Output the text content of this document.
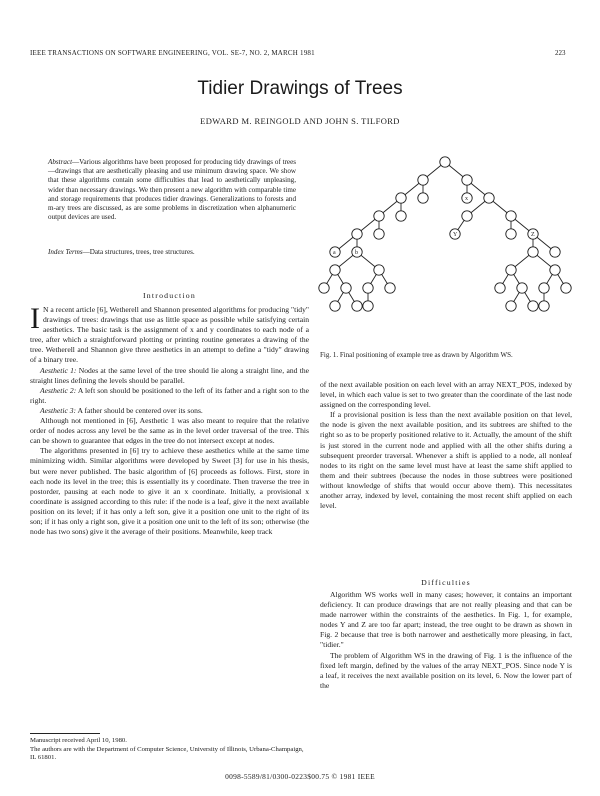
IEEE TRANSACTIONS ON SOFTWARE ENGINEERING, VOL. SE-7, NO. 2, MARCH 1981	223
Tidier Drawings of Trees
EDWARD M. REINGOLD AND JOHN S. TILFORD
Abstract—Various algorithms have been proposed for producing tidy drawings of trees—drawings that are aesthetically pleasing and use minimum drawing space. We show that these algorithms contain some difficulties that lead to aesthetically unpleasing, wider than necessary drawings. We then present a new algorithm with comparable time and storage requirements that produces tidier drawings. Generalizations to forests and m-ary trees are discussed, as are some problems in discretization when alphanumeric output devices are used.
Index Terms—Data structures, trees, tree structures.
Introduction

I N a recent article [6], Wetherell and Shannon presented algorithms for producing "tidy" drawings of trees: drawings that use as little space as possible while satisfying certain aesthetics. The basic task is the assignment of x and y coordinates to each node of a tree, after which a straightforward plotting or printing routine generates a drawing of the tree. Wetherell and Shannon give three aesthetics in an attempt to define a "tidy" drawing of a binary tree.

Aesthetic 1: Nodes at the same level of the tree should lie along a straight line, and the straight lines defining the levels should be parallel.

Aesthetic 2: A left son should be positioned to the left of its father and a right son to the right.

Aesthetic 3: A father should be centered over its sons.

Although not mentioned in [6], Aesthetic 1 was also meant to require that the relative order of nodes across any level be the same as in the level order traversal of the tree. This can be shown to guarantee that edges in the tree do not intersect except at nodes.

The algorithms presented in [6] try to achieve these aesthetics while at the same time minimizing width. Similar algorithms were developed by Sweet [3] for use in his thesis, but were never published. The basic algorithm of [6] proceeds as follows. First, store in each node its level in the tree; this is essentially its y coordinate. Then traverse the tree in postorder, pausing at each node to give it an x coordinate. Initially, a provisional x coordinate is assigned according to this rule: if the node is a leaf, give it the next available position on its level; if it has only a left son, give it a position one unit to the right of its son; if it has only a right son, give it a position one unit to the left of its son; otherwise (the node has two sons) give it the average of their positions. Meanwhile, keep track

a	b
x
Y	Z
Fig. 1. Final positioning of example tree as drawn by Algorithm WS.

of the next available position on each level with an array NEXT_POS, indexed by level, in which each value is set to two greater than the coordinate of the last node assigned on the corresponding level.

If a provisional position is less than the next available position on that level, the node is given the next available position, and its subtrees are shifted to the right so as to be properly positioned relative to it. Actually, the amount of the shift is just stored in the current node and applied with all the other shifts during a subsequent preorder traversal. Whenever a shift is applied to a node, all nonleaf nodes to its right on the same level must have at least the same shift applied to them and their subtrees (because the nodes in those subtrees were positioned without knowledge of shifts that would occur above them). This necessitates another array, indexed by level, containing the most recent shift applied on each level.

Difficulties

Algorithm WS works well in many cases; however, it contains an important deficiency. It can produce drawings that are not really pleasing and that can be made narrower within the constraints of the aesthetics. In Fig. 1, for example, nodes Y and Z are too far apart; instead, the tree ought to be drawn as shown in Fig. 2 because that tree is both narrower and aesthetically more pleasing, in fact, "tidier."

The problem of Algorithm WS in the drawing of Fig. 1 is the influence of the fixed left margin, defined by the values of the array NEXT_POS. Since node Y is a leaf, it receives the next available position on its level, 6. Now the lower part of the

Manuscript received April 10, 1980.

The authors are with the Department of Computer Science, University of Illinois, Urbana-Champaign, IL 61801.

0098-5589/81/0300-0223$00.75 © 1981 IEEE
